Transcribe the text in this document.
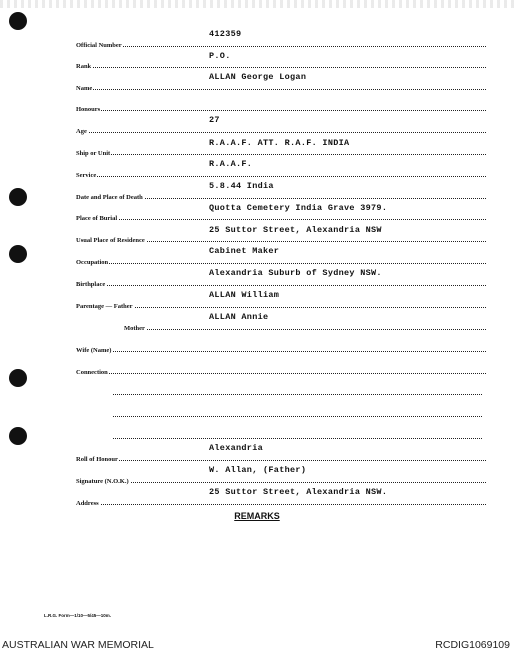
Official Number
Rank
Name
Honours
Age
Ship or Unit
Service
Date and Place of Death
Place of Burial
Usual Place of Residence
Occupation
Birthplace
Parentage — Father
Mother
Wife (Name)
Connection
Roll of Honour
Signature (N.O.K.)
Address
412359
P.O.
ALLAN George Logan
27
R.A.A.F. ATT. R.A.F. INDIA
R.A.A.F.
5.8.44 India
Quotta Cemetery India Grave 3979.
25 Suttor Street, Alexandria NSW
Cabinet Maker
Alexandria Suburb of Sydney NSW.
ALLAN William
ALLAN Annie
Alexandria
W. Allan, (Father)
25 Suttor Street, Alexandria NSW.
REMARKS
L.R.G. Form—1/10—5/45—10m.
AUSTRALIAN WAR MEMORIAL	RCDIG1069109
